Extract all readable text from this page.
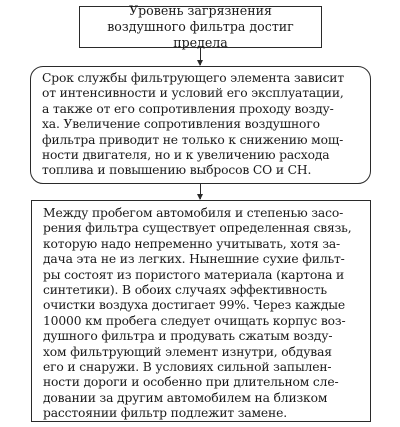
Уровень загрязнения
воздушного фильтра достиг предела

Срок службы фильтрующего элемента зависит
от интенсивности и условий его эксплуатации,
а также от его сопротивления проходу возду-
ха. Увеличение сопротивления воздушного
фильтра приводит не только к снижению мощ-
ности двигателя, но и к увеличению расхода
топлива и повышению выбросов СО и СН.

Между пробегом автомобиля и степенью засо-
рения фильтра существует определенная связь,
которую надо непременно учитывать, хотя за-
дача эта не из легких. Нынешние сухие фильт-
ры состоят из пористого материала (картона и
синтетики). В обоих случаях эффективность
очистки воздуха достигает 99%. Через каждые
10000 км пробега следует очищать корпус воз-
душного фильтра и продувать сжатым возду-
хом фильтрующий элемент изнутри, обдувая
его и снаружи. В условиях сильной запылен-
ности дороги и особенно при длительном сле-
довании за другим автомобилем на близком
расстоянии фильтр подлежит замене.
